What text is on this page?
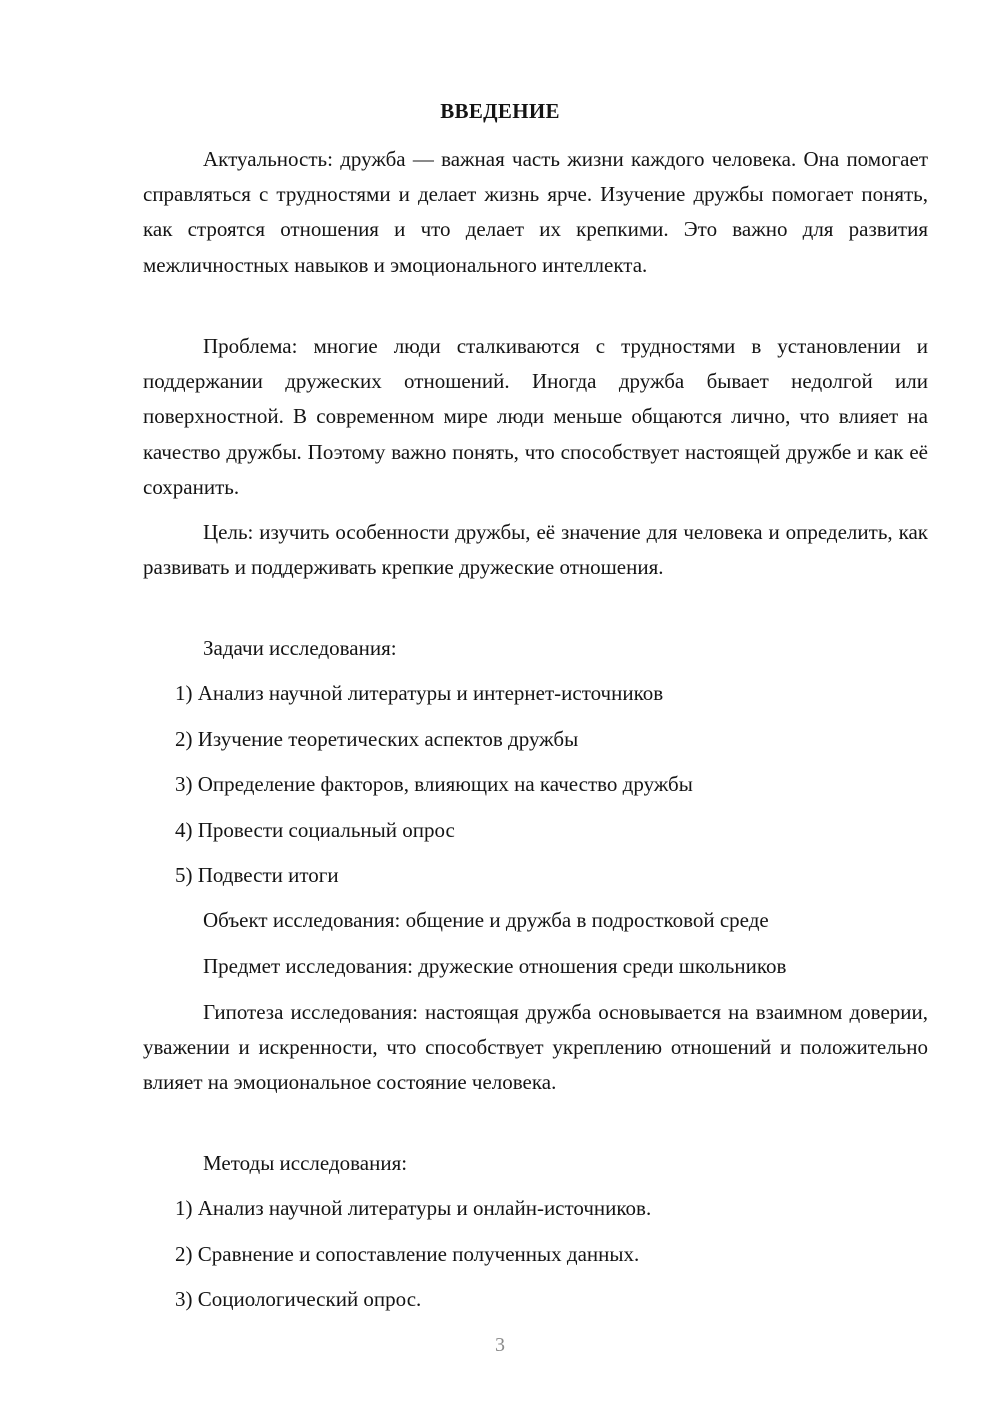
ВВЕДЕНИЕ

Актуальность: дружба — важная часть жизни каждого человека. Она помогает справляться с трудностями и делает жизнь ярче. Изучение дружбы помогает понять, как строятся отношения и что делает их крепкими. Это важно для развития межличностных навыков и эмоционального интеллекта.

Проблема: многие люди сталкиваются с трудностями в установлении и поддержании дружеских отношений. Иногда дружба бывает недолгой или поверхностной. В современном мире люди меньше общаются лично, что влияет на качество дружбы. Поэтому важно понять, что способствует настоящей дружбе и как её сохранить.

Цель: изучить особенности дружбы, её значение для человека и определить, как развивать и поддерживать крепкие дружеские отношения.

Задачи исследования:

1) Анализ научной литературы и интернет-источников

2) Изучение теоретических аспектов дружбы

3) Определение факторов, влияющих на качество дружбы

4) Провести социальный опрос

5) Подвести итоги

Объект исследования: общение и дружба в подростковой среде

Предмет исследования: дружеские отношения среди школьников

Гипотеза исследования: настоящая дружба основывается на взаимном доверии, уважении и искренности, что способствует укреплению отношений и положительно влияет на эмоциональное состояние человека.

Методы исследования:

1) Анализ научной литературы и онлайн-источников.

2) Сравнение и сопоставление полученных данных.

3) Социологический опрос.

3
